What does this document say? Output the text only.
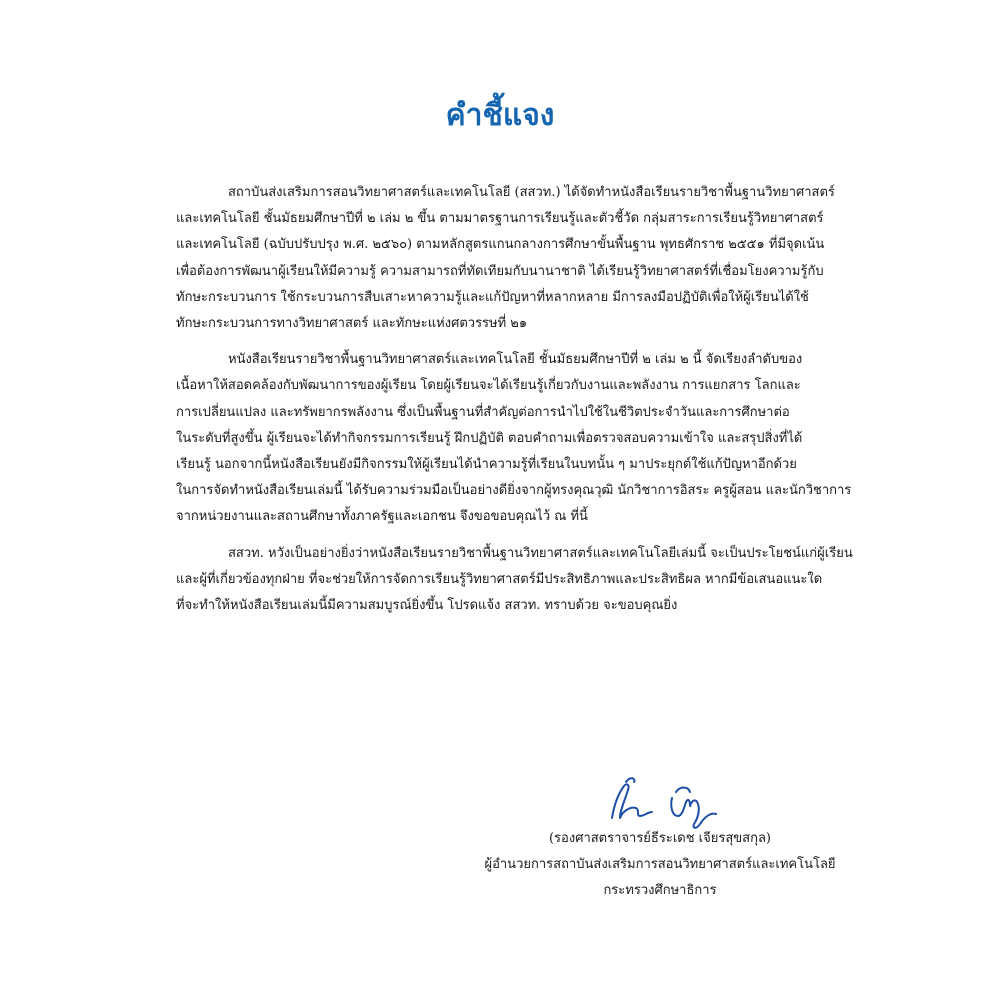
คำชี้แจง

สถาบันส่งเสริมการสอนวิทยาศาสตร์และเทคโนโลยี (สสวท.) ได้จัดทำหนังสือเรียนรายวิชาพื้นฐานวิทยาศาสตร์
และเทคโนโลยี ชั้นมัธยมศึกษาปีที่ ๒ เล่ม ๒ ขึ้น ตามมาตรฐานการเรียนรู้และตัวชี้วัด กลุ่มสาระการเรียนรู้วิทยาศาสตร์
และเทคโนโลยี (ฉบับปรับปรุง พ.ศ. ๒๕๖๐) ตามหลักสูตรแกนกลางการศึกษาขั้นพื้นฐาน พุทธศักราช ๒๕๕๑ ที่มีจุดเน้น
เพื่อต้องการพัฒนาผู้เรียนให้มีความรู้ ความสามารถที่ทัดเทียมกับนานาชาติ ได้เรียนรู้วิทยาศาสตร์ที่เชื่อมโยงความรู้กับ
ทักษะกระบวนการ ใช้กระบวนการสืบเสาะหาความรู้และแก้ปัญหาที่หลากหลาย มีการลงมือปฏิบัติเพื่อให้ผู้เรียนได้ใช้
ทักษะกระบวนการทางวิทยาศาสตร์ และทักษะแห่งศตวรรษที่ ๒๑

หนังสือเรียนรายวิชาพื้นฐานวิทยาศาสตร์และเทคโนโลยี ชั้นมัธยมศึกษาปีที่ ๒ เล่ม ๒ นี้ จัดเรียงลำดับของ
เนื้อหาให้สอดคล้องกับพัฒนาการของผู้เรียน โดยผู้เรียนจะได้เรียนรู้เกี่ยวกับงานและพลังงาน การแยกสาร โลกและ
การเปลี่ยนแปลง และทรัพยากรพลังงาน ซึ่งเป็นพื้นฐานที่สำคัญต่อการนำไปใช้ในชีวิตประจำวันและการศึกษาต่อ
ในระดับที่สูงขึ้น ผู้เรียนจะได้ทำกิจกรรมการเรียนรู้ ฝึกปฏิบัติ ตอบคำถามเพื่อตรวจสอบความเข้าใจ และสรุปสิ่งที่ได้
เรียนรู้ นอกจากนี้หนังสือเรียนยังมีกิจกรรมให้ผู้เรียนได้นำความรู้ที่เรียนในบทนั้น ๆ มาประยุกต์ใช้แก้ปัญหาอีกด้วย
ในการจัดทำหนังสือเรียนเล่มนี้ ได้รับความร่วมมือเป็นอย่างดียิ่งจากผู้ทรงคุณวุฒิ นักวิชาการอิสระ ครูผู้สอน และนักวิชาการ
จากหน่วยงานและสถานศึกษาทั้งภาครัฐและเอกชน จึงขอขอบคุณไว้ ณ ที่นี้

สสวท. หวังเป็นอย่างยิ่งว่าหนังสือเรียนรายวิชาพื้นฐานวิทยาศาสตร์และเทคโนโลยีเล่มนี้ จะเป็นประโยชน์แก่ผู้เรียน
และผู้ที่เกี่ยวข้องทุกฝ่าย ที่จะช่วยให้การจัดการเรียนรู้วิทยาศาสตร์มีประสิทธิภาพและประสิทธิผล หากมีข้อเสนอแนะใด
ที่จะทำให้หนังสือเรียนเล่มนี้มีความสมบูรณ์ยิ่งขึ้น โปรดแจ้ง สสวท. ทราบด้วย จะขอบคุณยิ่ง

(รองศาสตราจารย์ธีระเดช เจียรสุขสกุล)
ผู้อำนวยการสถาบันส่งเสริมการสอนวิทยาศาสตร์และเทคโนโลยี
กระทรวงศึกษาธิการ
